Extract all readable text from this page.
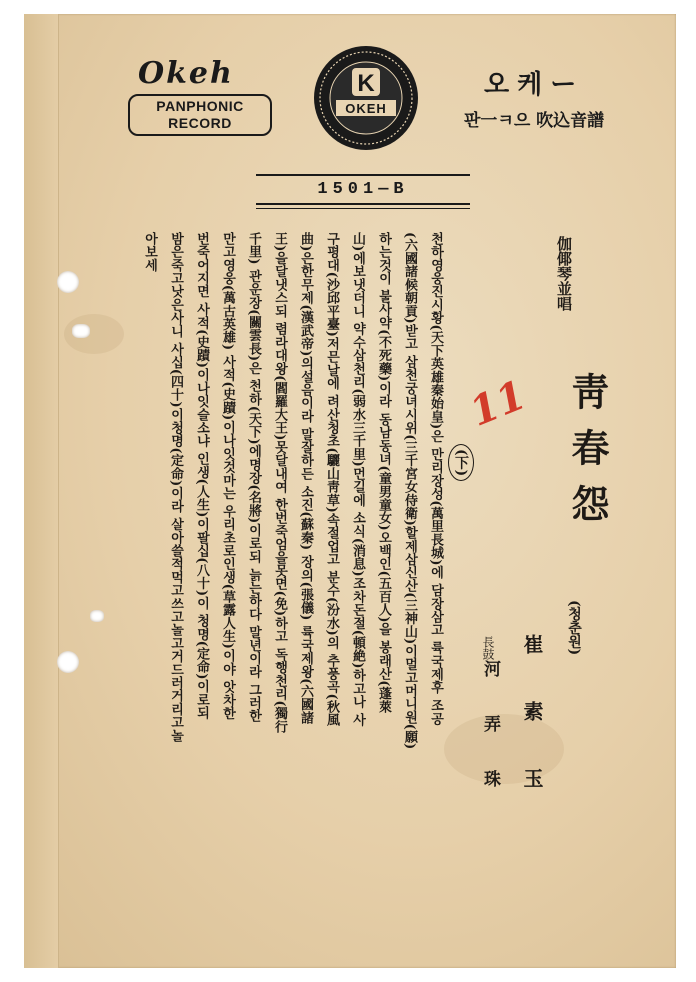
Okeh
PANPHONIC
RECORD
K
OKEH
오케ー
판一ㅋ으 吹込音譜
1501—B
伽倻琴並唱
靑春怨
(청춘원)
崔 素 玉
長鼓
河 弄 珠
(下)
천하영웅진시황(天下英雄秦始皇)은 만리장성(萬里長城)에 담장삼고 륙국제후 조공
(六國諸候朝貢)받고 삼천궁녀시위(三千宮女侍衛)할제삼신산(三神山)이멀고머니원(願)
하는것이 불사약(不死藥)이라 동남동녀(童男童女)오백인(五百人)을 봉래산(蓬萊
山)에보냇더니 약수삼천리(弱水三千里)먼길에 소식(消息)조차돈절(頓絶)하고나 사
구평대(沙邱平臺)저믄날에 려산청초(驪山靑草)속절업고 분수(汾水)의 추풍곡(秋風
曲)은한무제(漢武帝)의설음이라 말잘하든 소진(蘇秦) 장의(張儀) 륙국제왕(六國諸
王)을달냇스되 렴라대왕(閻羅大王)못달내여 한번죽엄을못면(免)하고 독행천리(獨行
千里) 관운장(關雲長)은 천하(天下)에명장(名將)이로되 늙는하다 말년이라 그러한
만고영웅(萬古英雄) 사적(史蹟)이나잇것마는 우리초로인생(草露人生)이야 앗차한
번죽어지면 사적(史蹟)이나잇슬소냐 인생(人生)이팔십(八十)이 청명(定命)이로되
밤은죽고낫은사니 사십(四十)이청명(定命)이라 살아쓸적먹고쓰고놀고거드러거리고놀
아보세
11
